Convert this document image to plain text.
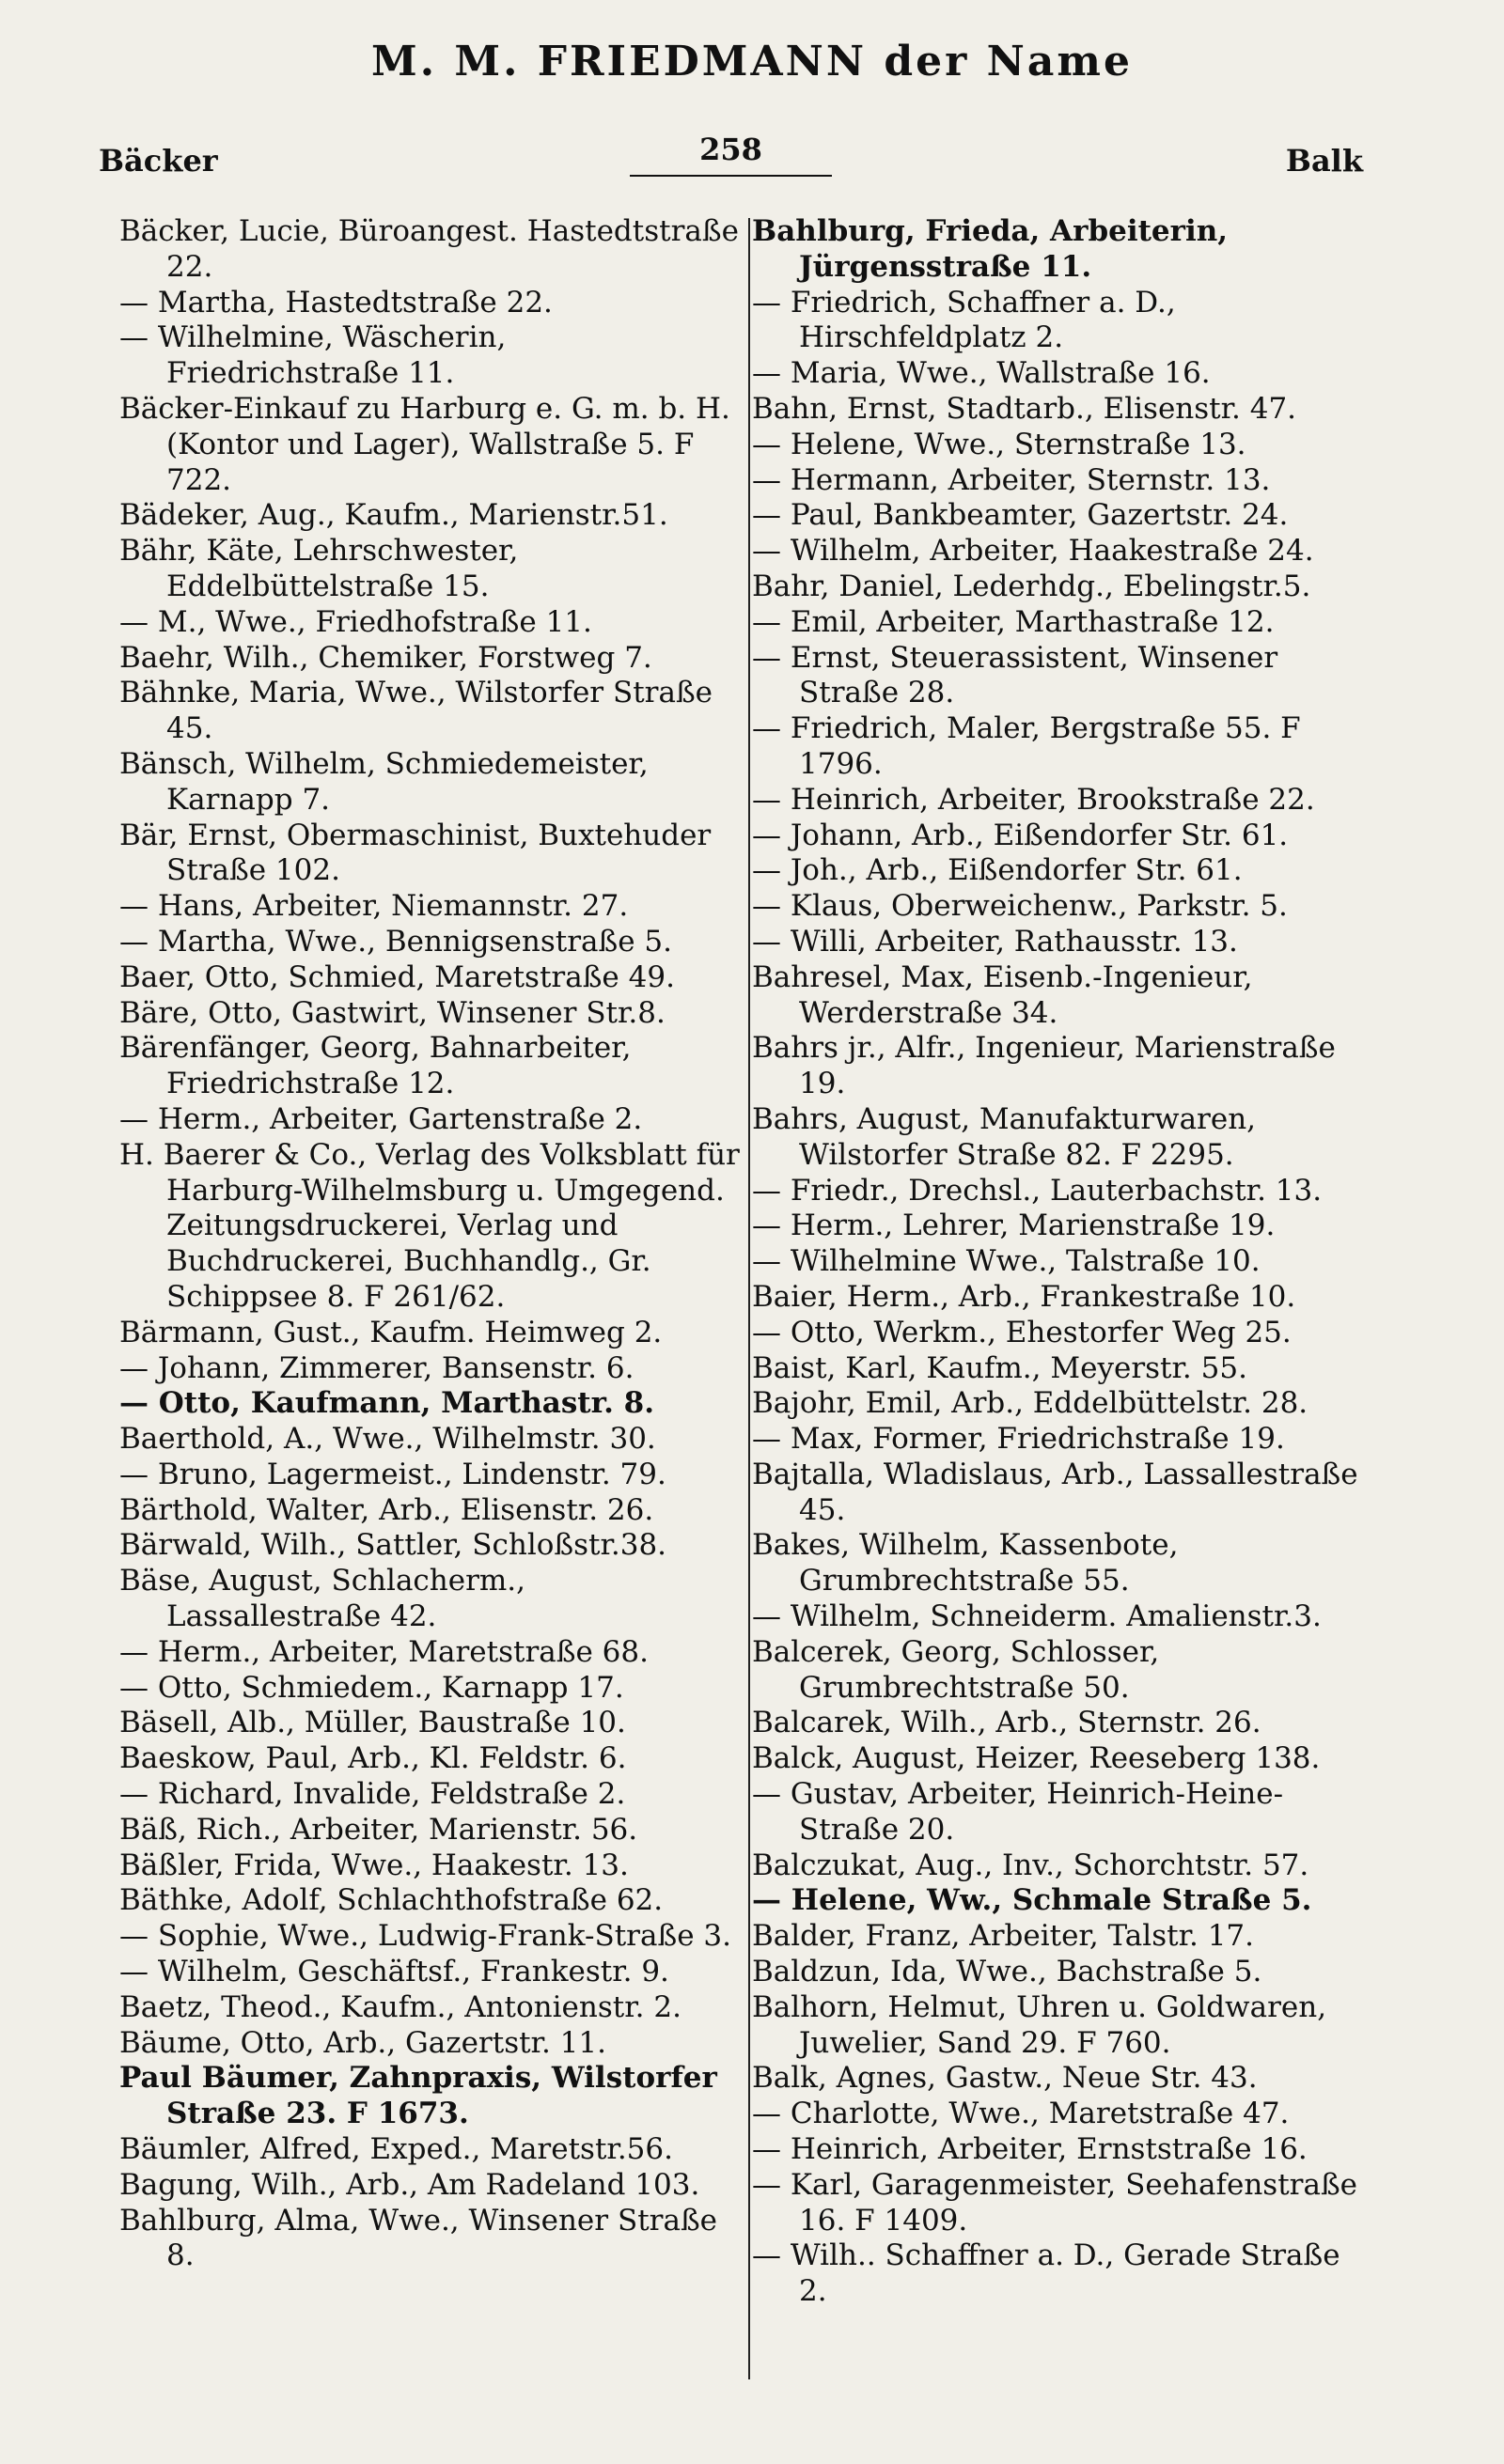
M. M. FRIEDMANN der Name
Bäcker	258	Balk

Bäcker, Lucie, Büroangest. Hastedtstraße 22.

— Martha, Hastedtstraße 22.

— Wilhelmine, Wäscherin, Friedrichstraße 11.

Bäcker-Einkauf zu Harburg e. G. m. b. H. (Kontor und Lager), Wallstraße 5. F 722.

Bädeker, Aug., Kaufm., Marienstr.51.

Bähr, Käte, Lehrschwester, Eddelbüttelstraße 15.

— M., Wwe., Friedhofstraße 11.

Baehr, Wilh., Chemiker, Forstweg 7.

Bähnke, Maria, Wwe., Wilstorfer Straße 45.

Bänsch, Wilhelm, Schmiedemeister, Karnapp 7.

Bär, Ernst, Obermaschinist, Buxtehuder Straße 102.

— Hans, Arbeiter, Niemannstr. 27.

— Martha, Wwe., Bennigsenstraße 5.

Baer, Otto, Schmied, Maretstraße 49.

Bäre, Otto, Gastwirt, Winsener Str.8.

Bärenfänger, Georg, Bahnarbeiter, Friedrichstraße 12.

— Herm., Arbeiter, Gartenstraße 2.

H. Baerer & Co., Verlag des Volksblatt für Harburg-Wilhelmsburg u. Umgegend. Zeitungsdruckerei, Verlag und Buchdruckerei, Buchhandlg., Gr. Schippsee 8. F 261/62.

Bärmann, Gust., Kaufm. Heimweg 2.

— Johann, Zimmerer, Bansenstr. 6.

— Otto, Kaufmann, Marthastr. 8.

Baerthold, A., Wwe., Wilhelmstr. 30.

— Bruno, Lagermeist., Lindenstr. 79.

Bärthold, Walter, Arb., Elisenstr. 26.

Bärwald, Wilh., Sattler, Schloßstr.38.

Bäse, August, Schlacherm., Lassallestraße 42.

— Herm., Arbeiter, Maretstraße 68.

— Otto, Schmiedem., Karnapp 17.

Bäsell, Alb., Müller, Baustraße 10.

Baeskow, Paul, Arb., Kl. Feldstr. 6.

— Richard, Invalide, Feldstraße 2.

Bäß, Rich., Arbeiter, Marienstr. 56.

Bäßler, Frida, Wwe., Haakestr. 13.

Bäthke, Adolf, Schlachthofstraße 62.

— Sophie, Wwe., Ludwig-Frank-Straße 3.

— Wilhelm, Geschäftsf., Frankestr. 9.

Baetz, Theod., Kaufm., Antonienstr. 2.

Bäume, Otto, Arb., Gazertstr. 11.

Paul Bäumer, Zahnpraxis, Wilstorfer Straße 23. F 1673.

Bäumler, Alfred, Exped., Maretstr.56.

Bagung, Wilh., Arb., Am Radeland 103.

Bahlburg, Alma, Wwe., Winsener Straße 8.

Bahlburg, Frieda, Arbeiterin, Jürgensstraße 11.

— Friedrich, Schaffner a. D., Hirschfeldplatz 2.

— Maria, Wwe., Wallstraße 16.

Bahn, Ernst, Stadtarb., Elisenstr. 47.

— Helene, Wwe., Sternstraße 13.

— Hermann, Arbeiter, Sternstr. 13.

— Paul, Bankbeamter, Gazertstr. 24.

— Wilhelm, Arbeiter, Haakestraße 24.

Bahr, Daniel, Lederhdg., Ebelingstr.5.

— Emil, Arbeiter, Marthastraße 12.

— Ernst, Steuerassistent, Winsener Straße 28.

— Friedrich, Maler, Bergstraße 55. F 1796.

— Heinrich, Arbeiter, Brookstraße 22.

— Johann, Arb., Eißendorfer Str. 61.

— Joh., Arb., Eißendorfer Str. 61.

— Klaus, Oberweichenw., Parkstr. 5.

— Willi, Arbeiter, Rathausstr. 13.

Bahresel, Max, Eisenb.-Ingenieur, Werderstraße 34.

Bahrs jr., Alfr., Ingenieur, Marienstraße 19.

Bahrs, August, Manufakturwaren, Wilstorfer Straße 82. F 2295.

— Friedr., Drechsl., Lauterbachstr. 13.

— Herm., Lehrer, Marienstraße 19.

— Wilhelmine Wwe., Talstraße 10.

Baier, Herm., Arb., Frankestraße 10.

— Otto, Werkm., Ehestorfer Weg 25.

Baist, Karl, Kaufm., Meyerstr. 55.

Bajohr, Emil, Arb., Eddelbüttelstr. 28.

— Max, Former, Friedrichstraße 19.

Bajtalla, Wladislaus, Arb., Lassallestraße 45.

Bakes, Wilhelm, Kassenbote, Grumbrechtstraße 55.

— Wilhelm, Schneiderm. Amalienstr.3.

Balcerek, Georg, Schlosser, Grumbrechtstraße 50.

Balcarek, Wilh., Arb., Sternstr. 26.

Balck, August, Heizer, Reeseberg 138.

— Gustav, Arbeiter, Heinrich-Heine-Straße 20.

Balczukat, Aug., Inv., Schorchtstr. 57.

— Helene, Ww., Schmale Straße 5.

Balder, Franz, Arbeiter, Talstr. 17.

Baldzun, Ida, Wwe., Bachstraße 5.

Balhorn, Helmut, Uhren u. Goldwaren, Juwelier, Sand 29. F 760.

Balk, Agnes, Gastw., Neue Str. 43.

— Charlotte, Wwe., Maretstraße 47.

— Heinrich, Arbeiter, Ernststraße 16.

— Karl, Garagenmeister, Seehafenstraße 16. F 1409.

— Wilh.. Schaffner a. D., Gerade Straße 2.
